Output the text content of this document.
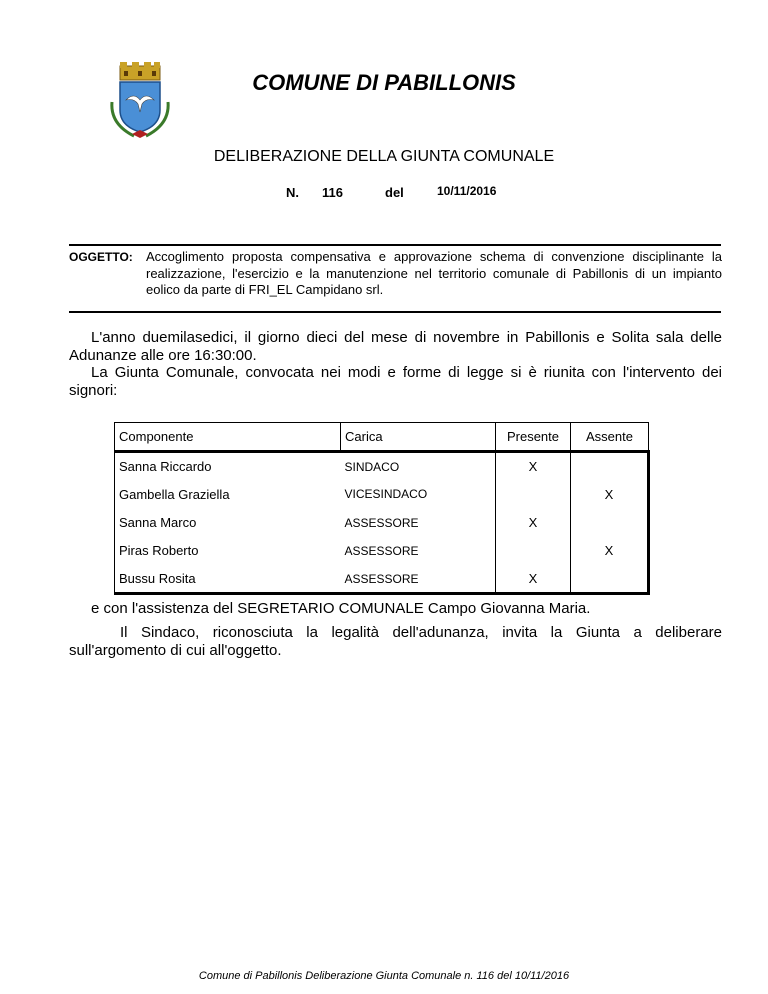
COMUNE DI PABILLONIS
DELIBERAZIONE DELLA GIUNTA COMUNALE
N. 116	del	10/11/2016
OGGETTO: Accoglimento proposta compensativa e approvazione schema di convenzione disciplinante la realizzazione, l'esercizio e la manutenzione nel territorio comunale di Pabillonis di un impianto eolico da parte di FRI_EL Campidano srl.

L'anno duemilasedici, il giorno dieci del mese di novembre in Pabillonis e Solita sala delle Adunanze alle ore 16:30:00.

La Giunta Comunale, convocata nei modi e forme di legge si è riunita con l'intervento dei signori:

Componente	Carica	Presente	Assente
Sanna Riccardo	SINDACO	X	
Gambella Graziella	VICESINDACO		X
Sanna Marco	ASSESSORE	X	
Piras Roberto	ASSESSORE		X
Bussu Rosita	ASSESSORE	X	
e con l'assistenza del SEGRETARIO COMUNALE Campo Giovanna Maria.

Il Sindaco, riconosciuta la legalità dell'adunanza, invita la Giunta a deliberare sull'argomento di cui all'oggetto.

Comune di Pabillonis Deliberazione Giunta Comunale n. 116 del 10/11/2016
